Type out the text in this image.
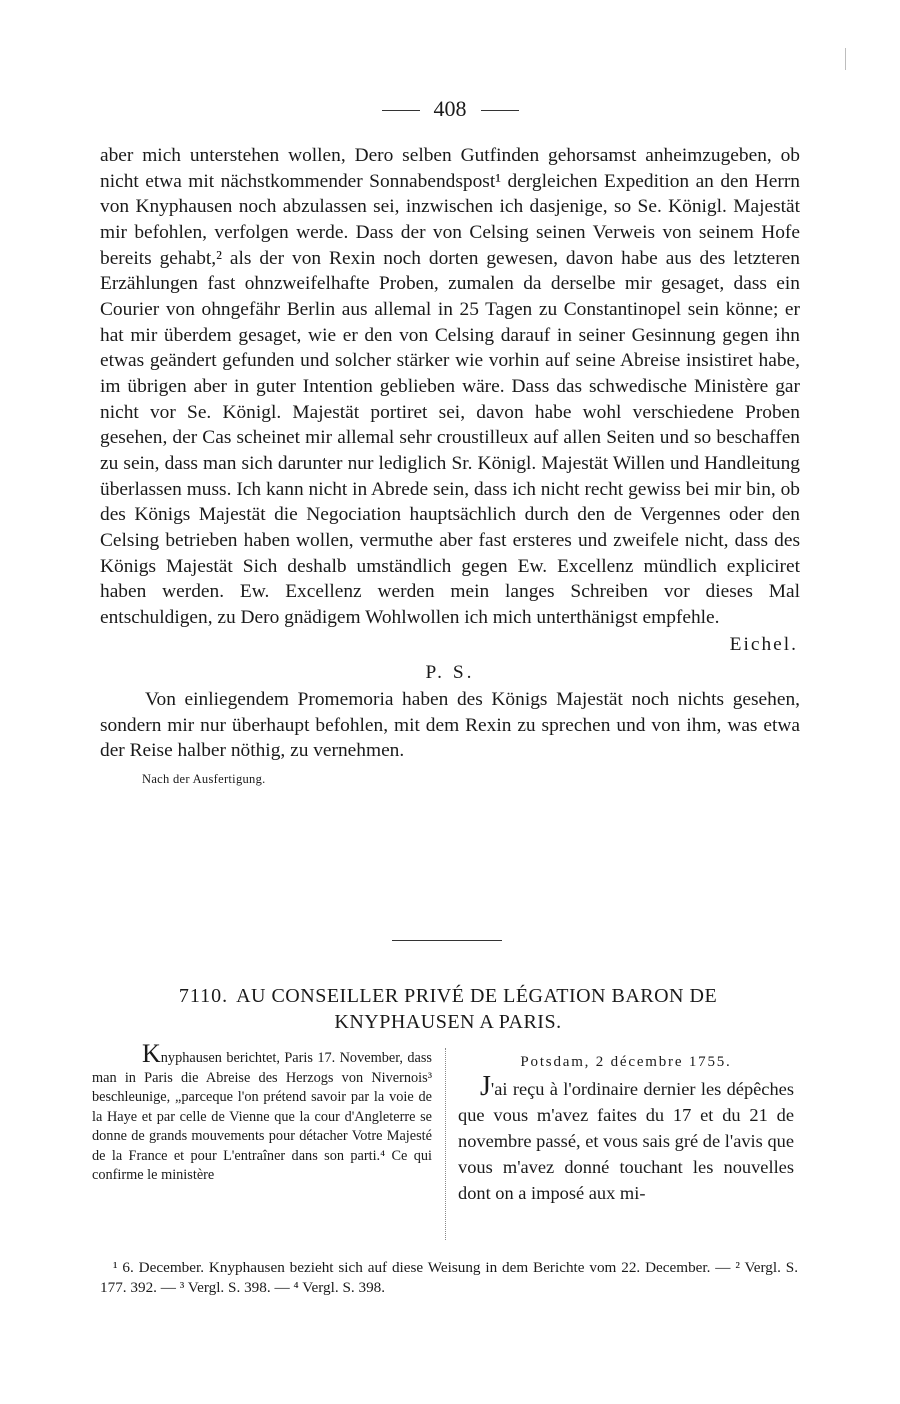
408

aber mich unterstehen wollen, Dero selben Gutfinden gehorsamst anheimzugeben, ob nicht etwa mit nächstkommender Sonnabendspost¹ dergleichen Expedition an den Herrn von Knyphausen noch abzulassen sei, inzwischen ich dasjenige, so Se. Königl. Majestät mir befohlen, verfolgen werde. Dass der von Celsing seinen Verweis von seinem Hofe bereits gehabt,² als der von Rexin noch dorten gewesen, davon habe aus des letzteren Erzählungen fast ohnzweifelhafte Proben, zumalen da derselbe mir gesaget, dass ein Courier von ohngefähr Berlin aus allemal in 25 Tagen zu Constantinopel sein könne; er hat mir überdem gesaget, wie er den von Celsing darauf in seiner Gesinnung gegen ihn etwas geändert gefunden und solcher stärker wie vorhin auf seine Abreise insistiret habe, im übrigen aber in guter Intention geblieben wäre. Dass das schwedische Ministère gar nicht vor Se. Königl. Majestät portiret sei, davon habe wohl verschiedene Proben gesehen, der Cas scheinet mir allemal sehr croustilleux auf allen Seiten und so beschaffen zu sein, dass man sich darunter nur lediglich Sr. Königl. Majestät Willen und Handleitung überlassen muss. Ich kann nicht in Abrede sein, dass ich nicht recht gewiss bei mir bin, ob des Königs Majestät die Negociation hauptsächlich durch den de Vergennes oder den Celsing betrieben haben wollen, vermuthe aber fast ersteres und zweifele nicht, dass des Königs Majestät Sich deshalb umständlich gegen Ew. Excellenz mündlich expliciret haben werden. Ew. Excellenz werden mein langes Schreiben vor dieses Mal entschuldigen, zu Dero gnädigem Wohlwollen ich mich unterthänigst empfehle.

Eichel.
P. S.

Von einliegendem Promemoria haben des Königs Majestät noch nichts gesehen, sondern mir nur überhaupt befohlen, mit dem Rexin zu sprechen und von ihm, was etwa der Reise halber nöthig, zu vernehmen.

Nach der Ausfertigung.
7110. AU CONSEILLER PRIVÉ DE LÉGATION BARON DE
KNYPHAUSEN A PARIS.

Knyphausen berichtet, Paris 17. November, dass man in Paris die Abreise des Herzogs von Nivernois³ beschleunige, „parceque l'on prétend savoir par la voie de la Haye et par celle de Vienne que la cour d'Angleterre se donne de grands mouvements pour détacher Votre Majesté de la France et pour L'entraîner dans son parti.⁴ Ce qui confirme le ministère

Potsdam, 2 décembre 1755.

J'ai reçu à l'ordinaire dernier les dépêches que vous m'avez faites du 17 et du 21 de novembre passé, et vous sais gré de l'avis que vous m'avez donné touchant les nouvelles dont on a imposé aux mi-

¹ 6. December. Knyphausen bezieht sich auf diese Weisung in dem Berichte vom 22. December. — ² Vergl. S. 177. 392. — ³ Vergl. S. 398. — ⁴ Vergl. S. 398.
